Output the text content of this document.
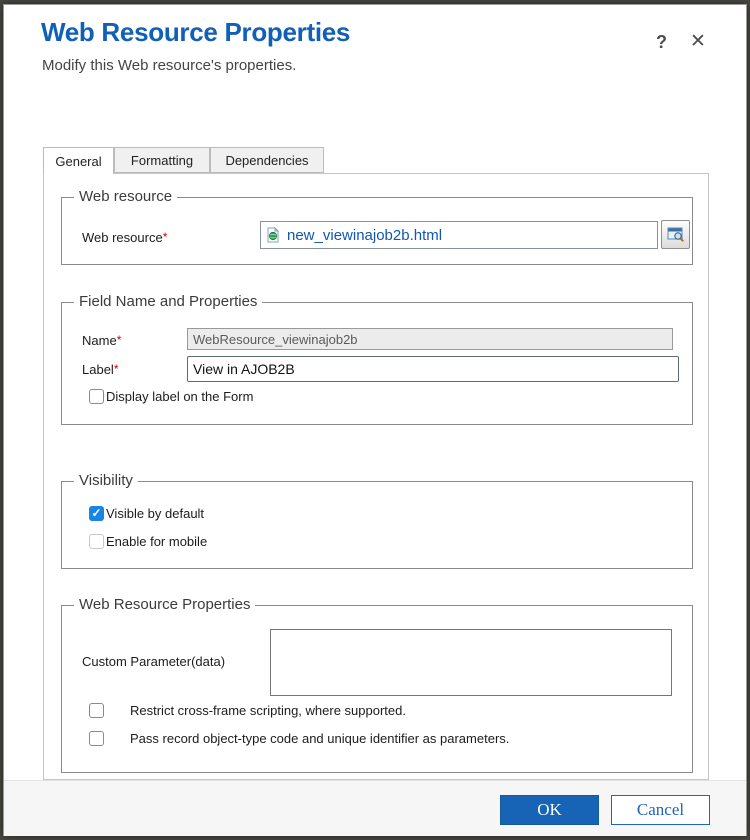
Web Resource Properties
Modify this Web resource's properties.
? ✕
General Formatting Dependencies
Web resource
Web resource*	new_viewinajob2b.html
Field Name and Properties
Name*
WebResource_viewinajob2b
Label*
View in AJOB2B
Display label on the Form
Visibility
✓
Visible by default
Enable for mobile
Web Resource Properties
Custom Parameter(data)
Restrict cross-frame scripting, where supported.
Pass record object-type code and unique identifier as parameters.
OK	Cancel
